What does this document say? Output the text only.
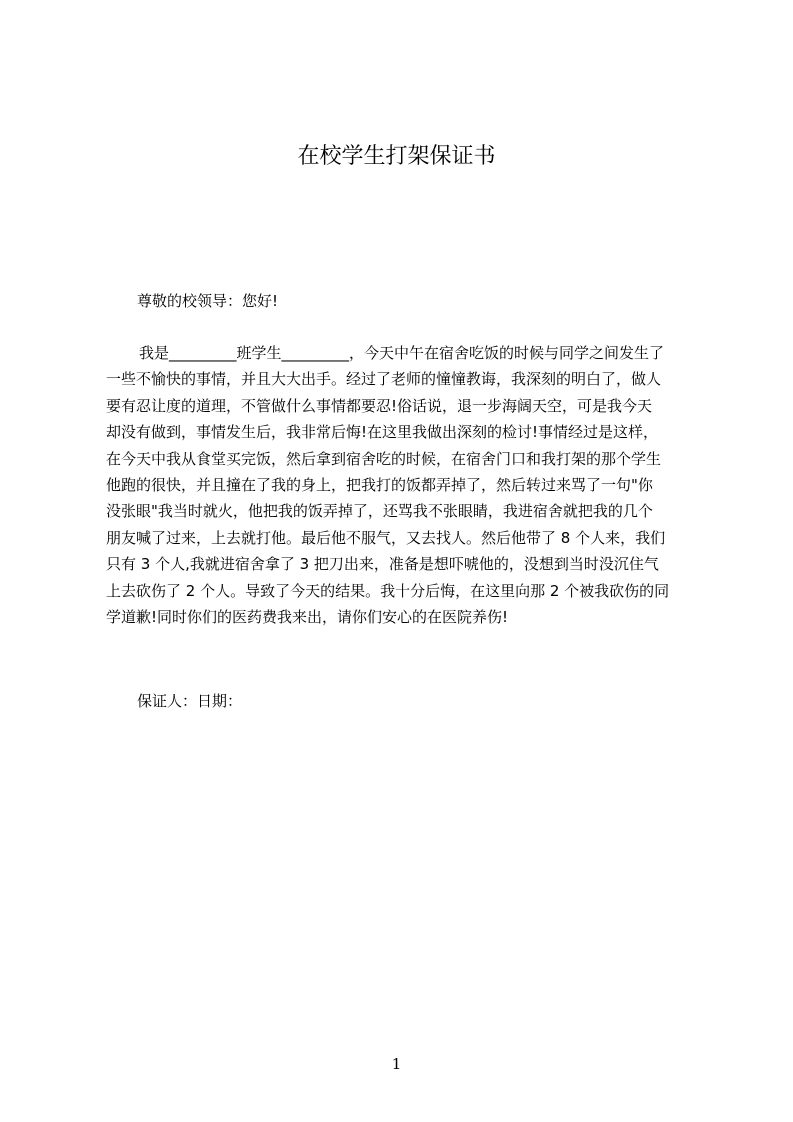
在校学生打架保证书
尊敬的校领导：您好!
我是_________班学生_________，今天中午在宿舍吃饭的时候与同学之间发生了
一些不愉快的事情，并且大大出手。经过了老师的憧憧教诲，我深刻的明白了，做人
要有忍让度的道理，不管做什么事情都要忍!俗话说，退一步海阔天空，可是我今天
却没有做到，事情发生后，我非常后悔!在这里我做出深刻的检讨!事情经过是这样，
在今天中我从食堂买完饭，然后拿到宿舍吃的时候，在宿舍门口和我打架的那个学生
他跑的很快，并且撞在了我的身上，把我打的饭都弄掉了，然后转过来骂了一句"你
没张眼"我当时就火，他把我的饭弄掉了，还骂我不张眼睛，我进宿舍就把我的几个
朋友喊了过来，上去就打他。最后他不服气，又去找人。然后他带了 8 个人来，我们
只有 3 个人,我就进宿舍拿了 3 把刀出来，准备是想吓唬他的，没想到当时没沉住气
上去砍伤了 2 个人。导致了今天的结果。我十分后悔，在这里向那 2 个被我砍伤的同
学道歉!同时你们的医药费我来出，请你们安心的在医院养伤!
保证人：日期：
1
